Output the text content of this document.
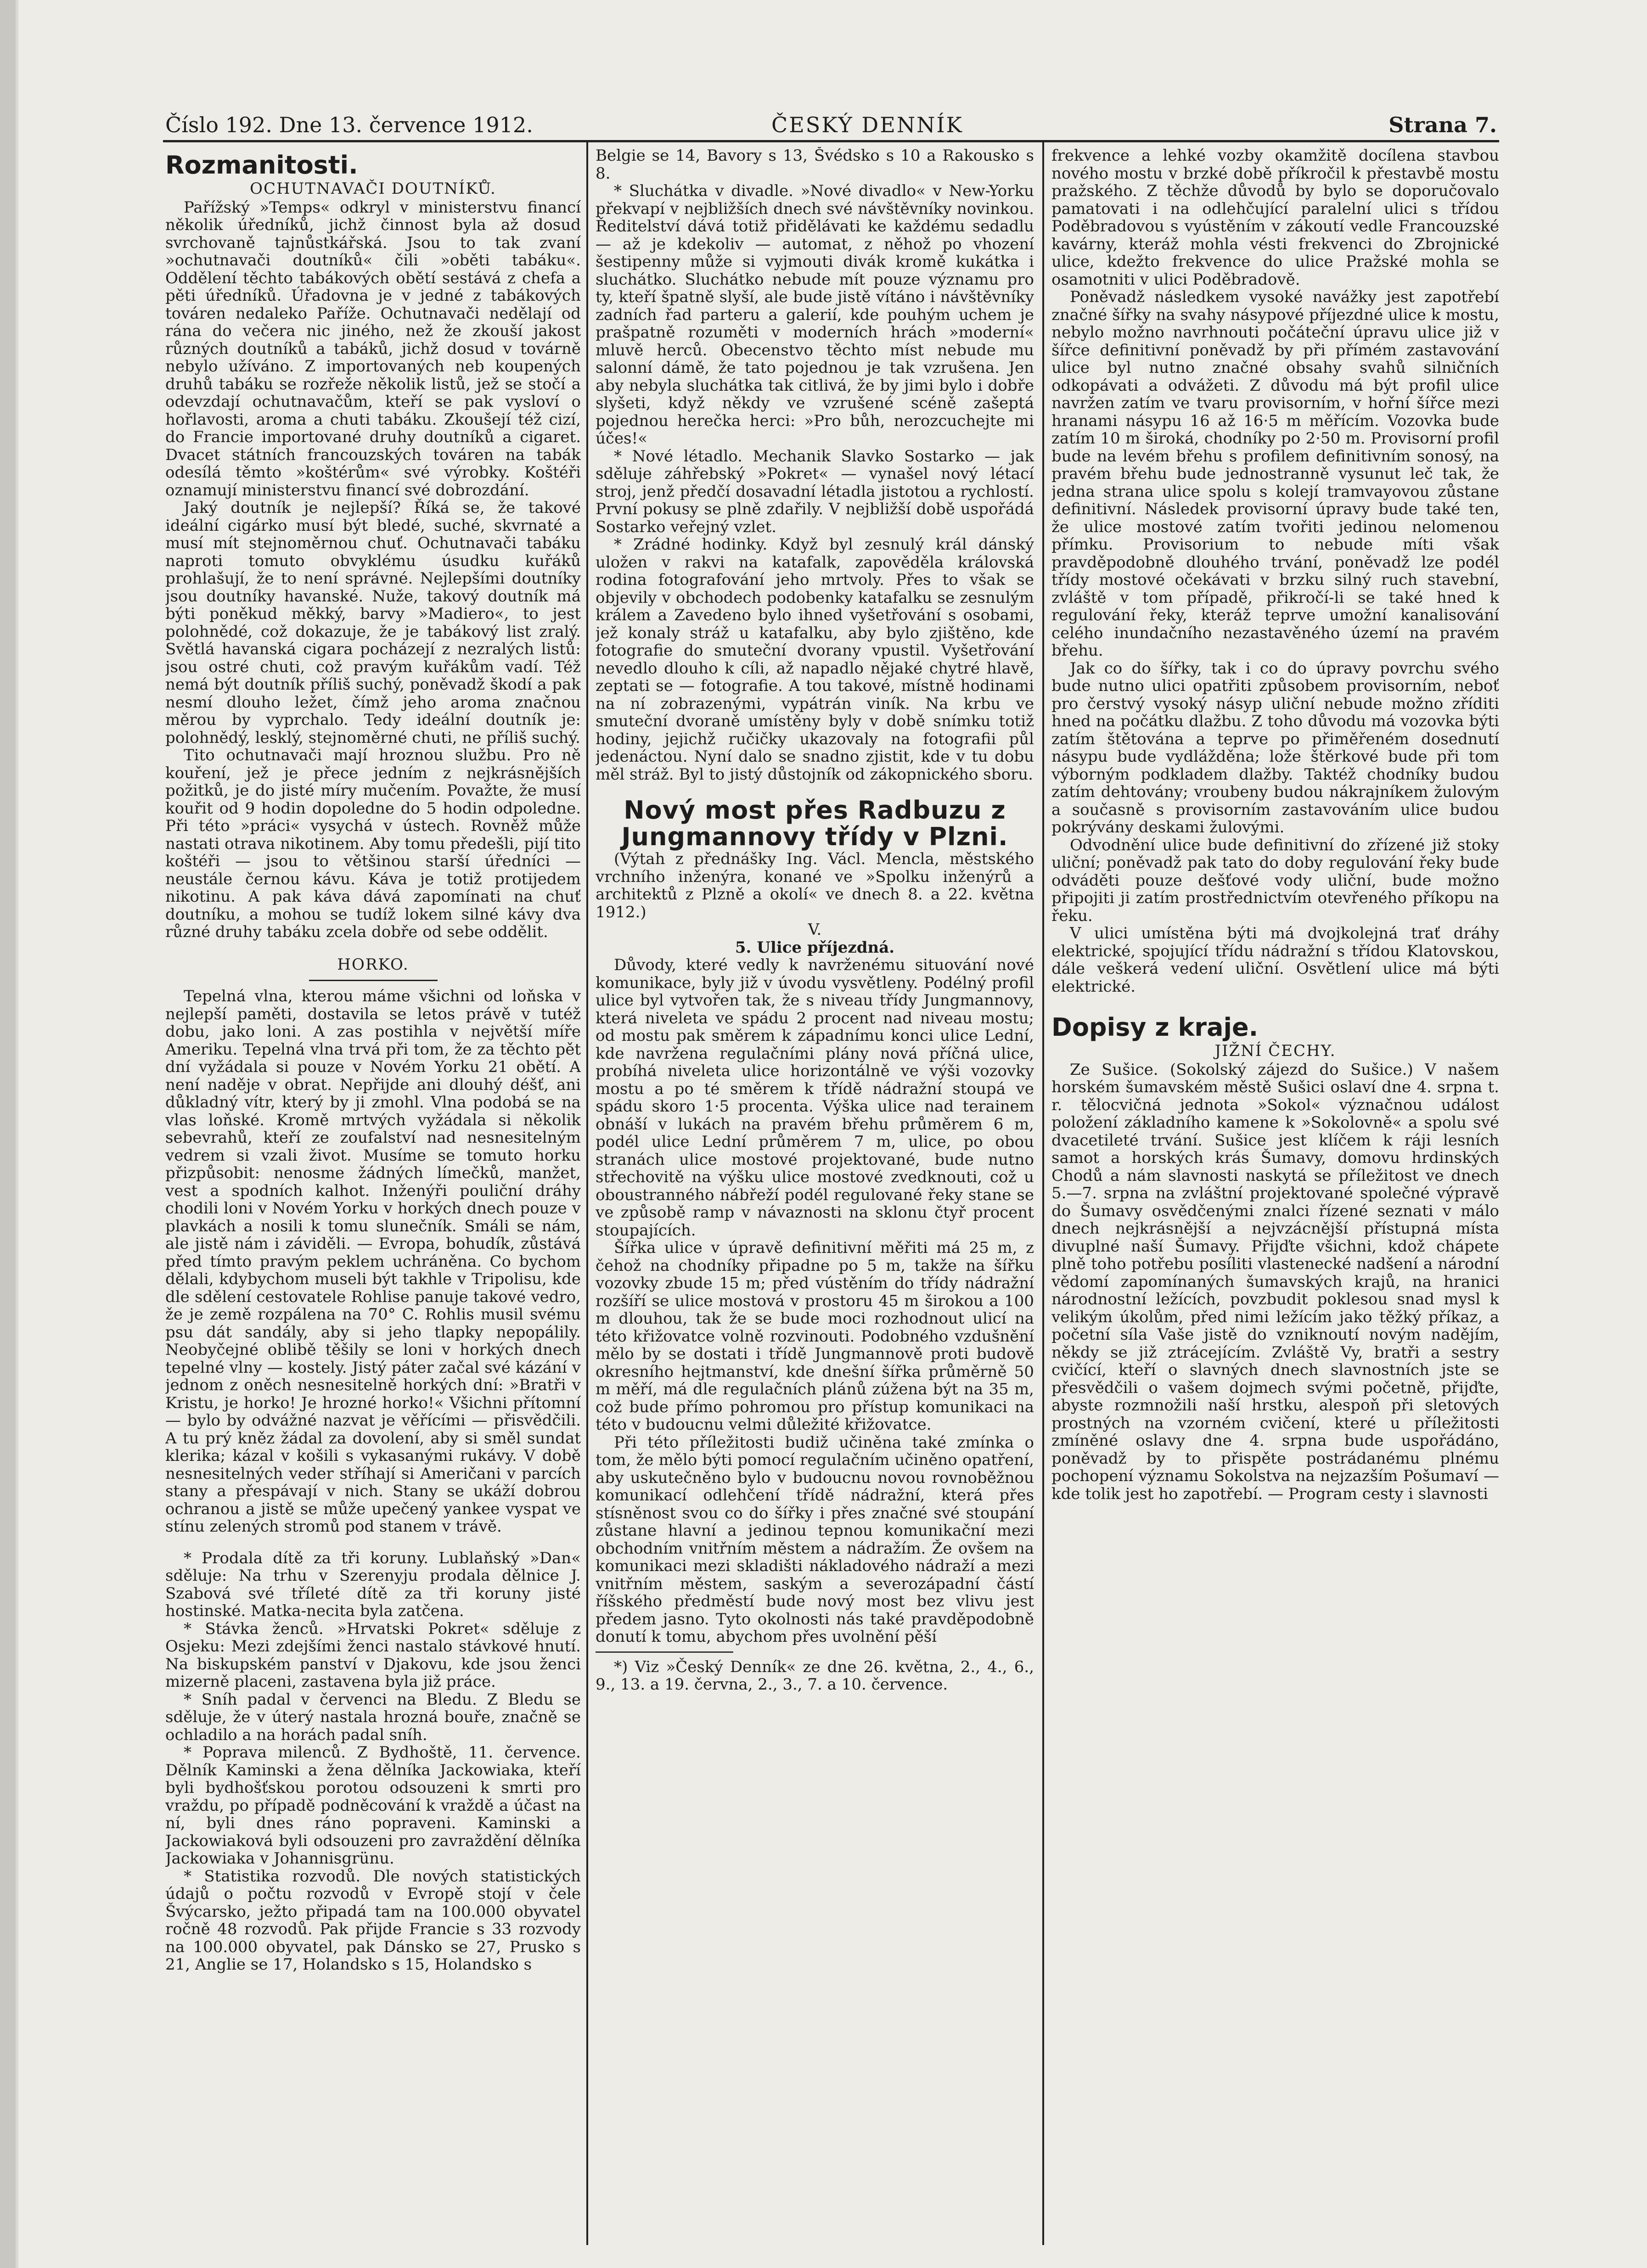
Číslo 192. Dne 13. července 1912.	ČESKÝ DENNÍK	Strana 7.

Rozmanitosti.

OCHUTNAVAČI DOUTNÍKŮ.

Pařížský »Temps« odkryl v ministerstvu financí několik úředníků, jichž činnost byla až dosud svrchovaně tajnůstkářská. Jsou to tak zvaní »ochutnavači doutníků« čili »oběti tabáku«. Oddělení těchto tabákových obětí sestává z chefa a pěti úředníků. Úřadovna je v jedné z tabákových továren nedaleko Paříže. Ochutnavači nedělají od rána do večera nic jiného, než že zkouší jakost různých doutníků a tabáků, jichž dosud v továrně nebylo užíváno. Z importovaných neb koupených druhů tabáku se rozřeže několik listů, jež se stočí a odevzdají ochutnavačům, kteří se pak vysloví o hořlavosti, aroma a chuti tabáku. Zkoušejí též cizí, do Francie importované druhy doutníků a cigaret. Dvacet státních francouzských továren na tabák odesílá těmto »koštérům« své výrobky. Koštéři oznamují ministerstvu financí své dobrozdání.

Jaký doutník je nejlepší? Říká se, že takové ideální cigárko musí být bledé, suché, skvrnaté a musí mít stejnoměrnou chuť. Ochutnavači tabáku naproti tomuto obvyklému úsudku kuřáků prohlašují, že to není správné. Nejlepšími doutníky jsou doutníky havanské. Nuže, takový doutník má býti poněkud měkký, barvy »Madiero«, to jest polohnědé, což dokazuje, že je tabákový list zralý. Světlá havanská cigara pocházejí z nezralých listů: jsou ostré chuti, což pravým kuřákům vadí. Též nemá být doutník příliš suchý, poněvadž škodí a pak nesmí dlouho ležet, čímž jeho aroma značnou měrou by vyprchalo. Tedy ideální doutník je: polohnědý, lesklý, stejnoměrné chuti, ne příliš suchý.

Tito ochutnavači mají hroznou službu. Pro ně kouření, jež je přece jedním z nejkrásnějších požitků, je do jisté míry mučením. Považte, že musí kouřit od 9 hodin dopoledne do 5 hodin odpoledne. Při této »práci« vysychá v ústech. Rovněž může nastati otrava nikotinem. Aby tomu předešli, pijí tito koštéři — jsou to většinou starší úředníci — neustále černou kávu. Káva je totiž protijedem nikotinu. A pak káva dává zapomínati na chuť doutníku, a mohou se tudíž lokem silné kávy dva různé druhy tabáku zcela dobře od sebe oddělit.

HORKO.

Tepelná vlna, kterou máme všichni od loňska v nejlepší paměti, dostavila se letos právě v tutéž dobu, jako loni. A zas postihla v největší míře Ameriku. Tepelná vlna trvá při tom, že za těchto pět dní vyžádala si pouze v Novém Yorku 21 obětí. A není naděje v obrat. Nepřijde ani dlouhý déšť, ani důkladný vítr, který by ji zmohl. Vlna podobá se na vlas loňské. Kromě mrtvých vyžádala si několik sebevrahů, kteří ze zoufalství nad nesnesitelným vedrem si vzali život. Musíme se tomuto horku přizpůsobit: nenosme žádných límečků, manžet, vest a spodních kalhot. Inženýři pouliční dráhy chodili loni v Novém Yorku v horkých dnech pouze v plavkách a nosili k tomu slunečník. Smáli se nám, ale jistě nám i záviděli. — Evropa, bohudík, zůstává před tímto pravým peklem uchráněna. Co bychom dělali, kdybychom museli být takhle v Tripolisu, kde dle sdělení cestovatele Rohlise panuje takové vedro, že je země rozpálena na 70° C. Rohlis musil svému psu dát sandály, aby si jeho tlapky nepopálily. Neobyčejné oblibě těšily se loni v horkých dnech tepelné vlny — kostely. Jistý páter začal své kázání v jednom z oněch nesnesitelně horkých dní: »Bratři v Kristu, je horko! Je hrozné horko!« Všichni přítomní — bylo by odvážné nazvat je věřícími — přisvědčili. A tu prý kněz žádal za dovolení, aby si směl sundat klerika; kázal v košili s vykasanými rukávy. V době nesnesitelných veder stříhají si Američani v parcích stany a přespávají v nich. Stany se ukáží dobrou ochranou a jistě se může upečený yankee vyspat ve stínu zelených stromů pod stanem v trávě.

* Prodala dítě za tři koruny. Lublaňský »Dan« sděluje: Na trhu v Szerenyju prodala dělnice J. Szabová své tříleté dítě za tři koruny jisté hostinské. Matka-necita byla zatčena.

* Stávka ženců. »Hrvatski Pokret« sděluje z Osjeku: Mezi zdejšími ženci nastalo stávkové hnutí. Na biskupském panství v Djakovu, kde jsou ženci mizerně placeni, zastavena byla již práce.

* Sníh padal v červenci na Bledu. Z Bledu se sděluje, že v úterý nastala hrozná bouře, značně se ochladilo a na horách padal sníh.

* Poprava milenců. Z Bydhoště, 11. července. Dělník Kaminski a žena dělníka Jackowiaka, kteří byli bydhošťskou porotou odsouzeni k smrti pro vraždu, po případě podněcování k vraždě a účast na ní, byli dnes ráno popraveni. Kaminski a Jackowiaková byli odsouzeni pro zavraždění dělníka Jackowiaka v Johannisgrünu.

* Statistika rozvodů. Dle nových statistických údajů o počtu rozvodů v Evropě stojí v čele Švýcarsko, ježto připadá tam na 100.000 obyvatel ročně 48 rozvodů. Pak přijde Francie s 33 rozvody na 100.000 obyvatel, pak Dánsko se 27, Prusko s 21, Anglie se 17, Holandsko s 15, Holandsko s

Belgie se 14, Bavory s 13, Švédsko s 10 a Rakousko s 8.

* Sluchátka v divadle. »Nové divadlo« v New-Yorku překvapí v nejbližších dnech své návštěvníky novinkou. Ředitelství dává totiž přidělávati ke každému sedadlu — až je kdekoliv — automat, z něhož po vhození šestipenny může si vyjmouti divák kromě kukátka i sluchátko. Sluchátko nebude mít pouze významu pro ty, kteří špatně slyší, ale bude jistě vítáno i návštěvníky zadních řad parteru a galerií, kde pouhým uchem je prašpatně rozuměti v moderních hrách »moderní« mluvě herců. Obecenstvo těchto míst nebude mu salonní dámě, že tato pojednou je tak vzrušena. Jen aby nebyla sluchátka tak citlivá, že by jimi bylo i dobře slyšeti, když někdy ve vzrušené scéně zašeptá pojednou herečka herci: »Pro bůh, nerozcuchejte mi účes!«

* Nové létadlo. Mechanik Slavko Sostarko — jak sděluje záhřebský »Pokret« — vynašel nový létací stroj, jenž předčí dosavadní létadla jistotou a rychlostí. První pokusy se plně zdařily. V nejbližší době uspořádá Sostarko veřejný vzlet.

* Zrádné hodinky. Když byl zesnulý král dánský uložen v rakvi na katafalk, zapověděla královská rodina fotografování jeho mrtvoly. Přes to však se objevily v obchodech podobenky katafalku se zesnulým králem a Zavedeno bylo ihned vyšetřování s osobami, jež konaly stráž u katafalku, aby bylo zjištěno, kde fotografie do smuteční dvorany vpustil. Vyšetřování nevedlo dlouho k cíli, až napadlo nějaké chytré hlavě, zeptati se — fotografie. A tou takové, místně hodinami na ní zobrazenými, vypátrán viník. Na krbu ve smuteční dvoraně umístěny byly v době snímku totiž hodiny, jejichž ručičky ukazovaly na fotografii půl jedenáctou. Nyní dalo se snadno zjistit, kde v tu dobu měl stráž. Byl to jistý důstojník od zákopnického sboru.

Nový most přes Radbuzu z Jungmannovy třídy v Plzni.

(Výtah z přednášky Ing. Václ. Mencla, městského vrchního inženýra, konané ve »Spolku inženýrů a architektů z Plzně a okolí« ve dnech 8. a 22. května 1912.)

V.

5. Ulice příjezdná.

Důvody, které vedly k navrženému situování nové komunikace, byly již v úvodu vysvětleny. Podélný profil ulice byl vytvořen tak, že s niveau třídy Jungmannovy, která niveleta ve spádu 2 procent nad niveau mostu; od mostu pak směrem k západnímu konci ulice Lední, kde navržena regulačními plány nová příčná ulice, probíhá niveleta ulice horizontálně ve výši vozovky mostu a po té směrem k třídě nádražní stoupá ve spádu skoro 1·5 procenta. Výška ulice nad terainem obnáší v lukách na pravém břehu průměrem 6 m, podél ulice Lední průměrem 7 m, ulice, po obou stranách ulice mostové projektované, bude nutno střechovitě na výšku ulice mostové zvedknouti, což u oboustranného nábřeží podél regulované řeky stane se ve způsobě ramp v návaznosti na sklonu čtyř procent stoupajících.

Šířka ulice v úpravě definitivní měřiti má 25 m, z čehož na chodníky připadne po 5 m, takže na šířku vozovky zbude 15 m; před vústěním do třídy nádražní rozšíří se ulice mostová v prostoru 45 m širokou a 100 m dlouhou, tak že se bude moci rozhodnout ulicí na této křižovatce volně rozvinouti. Podobného vzdušnění mělo by se dostati i třídě Jungmannově proti budově okresního hejtmanství, kde dnešní šířka průměrně 50 m měří, má dle regulačních plánů zúžena být na 35 m, což bude přímo pohromou pro přístup komunikaci na této v budoucnu velmi důležité křižovatce.

Při této příležitosti budiž učiněna také zmínka o tom, že mělo býti pomocí regulačním učiněno opatření, aby uskutečněno bylo v budoucnu novou rovnoběžnou komunikací odlehčení třídě nádražní, která přes stísněnost svou co do šířky i přes značné své stoupání zůstane hlavní a jedinou tepnou komunikační mezi obchodním vnitřním městem a nádražím. Že ovšem na komunikaci mezi skladišti nákladového nádraží a mezi vnitřním městem, saským a severozápadní částí říšského předměstí bude nový most bez vlivu jest předem jasno. Tyto okolnosti nás také pravděpodobně donutí k tomu, abychom přes uvolnění pěší

*) Viz »Český Denník« ze dne 26. května, 2., 4., 6., 9., 13. a 19. června, 2., 3., 7. a 10. července.

frekvence a lehké vozby okamžitě docílena stavbou nového mostu v brzké době příkročil k přestavbě mostu pražského. Z těchže důvodů by bylo se doporučovalo pamatovati i na odlehčující paralelní ulici s třídou Poděbradovou s vyústěním v zákoutí vedle Francouzské kavárny, kteráž mohla vésti frekvenci do Zbrojnické ulice, kdežto frekvence do ulice Pražské mohla se osamotniti v ulici Poděbradově.

Poněvadž následkem vysoké navážky jest zapotřebí značné šířky na svahy násypové příjezdné ulice k mostu, nebylo možno navrhnouti počáteční úpravu ulice již v šířce definitivní poněvadž by při přímém zastavování ulice byl nutno značné obsahy svahů silničních odkopávati a odvážeti. Z důvodu má být profil ulice navržen zatím ve tvaru provisorním, v hořní šířce mezi hranami násypu 16 až 16·5 m měřícím. Vozovka bude zatím 10 m široká, chodníky po 2·50 m. Provisorní profil bude na levém břehu s profilem definitivním sonosý, na pravém břehu bude jednostranně vysunut leč tak, že jedna strana ulice spolu s kolejí tramvayovou zůstane definitivní. Následek provisorní úpravy bude také ten, že ulice mostové zatím tvořiti jedinou nelomenou přímku. Provisorium to nebude míti však pravděpodobně dlouhého trvání, poněvadž lze podél třídy mostové očekávati v brzku silný ruch stavební, zvláště v tom případě, přikročí-li se také hned k regulování řeky, kteráž teprve umožní kanalisování celého inundačního nezastavěného území na pravém břehu.

Jak co do šířky, tak i co do úpravy povrchu svého bude nutno ulici opatřiti způsobem provisorním, neboť pro čerstvý vysoký násyp uliční nebude možno zříditi hned na počátku dlažbu. Z toho důvodu má vozovka býti zatím štětována a teprve po přiměřeném dosednutí násypu bude vydlážděna; lože štěrkové bude při tom výborným podkladem dlažby. Taktéž chodníky budou zatím dehtovány; vroubeny budou nákrajníkem žulovým a současně s provisorním zastavováním ulice budou pokrývány deskami žulovými.

Odvodnění ulice bude definitivní do zřízené již stoky uliční; poněvadž pak tato do doby regulování řeky bude odváděti pouze dešťové vody uliční, bude možno připojiti ji zatím prostřednictvím otevřeného příkopu na řeku.

V ulici umístěna býti má dvojkolejná trať dráhy elektrické, spojující třídu nádražní s třídou Klatovskou, dále veškerá vedení uliční. Osvětlení ulice má býti elektrické.

Dopisy z kraje.

JIŽNÍ ČECHY.

Ze Sušice. (Sokolský zájezd do Sušice.) V našem horském šumavském městě Sušici oslaví dne 4. srpna t. r. tělocvičná jednota »Sokol« význačnou událost položení základního kamene k »Sokolovně« a spolu své dvacetileté trvání. Sušice jest klíčem k ráji lesních samot a horských krás Šumavy, domovu hrdinských Chodů a nám slavnosti naskytá se příležitost ve dnech 5.—7. srpna na zvláštní projektované společné výpravě do Šumavy osvědčenými znalci řízené seznati v málo dnech nejkrásnější a nejvzácnější přístupná místa divuplné naší Šumavy. Přijďte všichni, kdož chápete plně toho potřebu posíliti vlastenecké nadšení a národní vědomí zapomínaných šumavských krajů, na hranici národnostní ležících, povzbudit poklesou snad mysl k velikým úkolům, před nimi ležícím jako těžký příkaz, a početní síla Vaše jistě do vzniknoutí novým nadějím, někdy se již ztrácejícím. Zvláště Vy, bratři a sestry cvičící, kteří o slavných dnech slavnostních jste se přesvědčili o vašem dojmech svými početně, přijďte, abyste rozmnožili naší hrstku, alespoň při sletových prostných na vzorném cvičení, které u příležitosti zmíněné oslavy dne 4. srpna bude uspořádáno, poněvadž by to přispěte postrádanému plnému pochopení významu Sokolstva na nejzazším Pošumaví — kde tolik jest ho zapotřebí. — Program cesty i slavnosti
